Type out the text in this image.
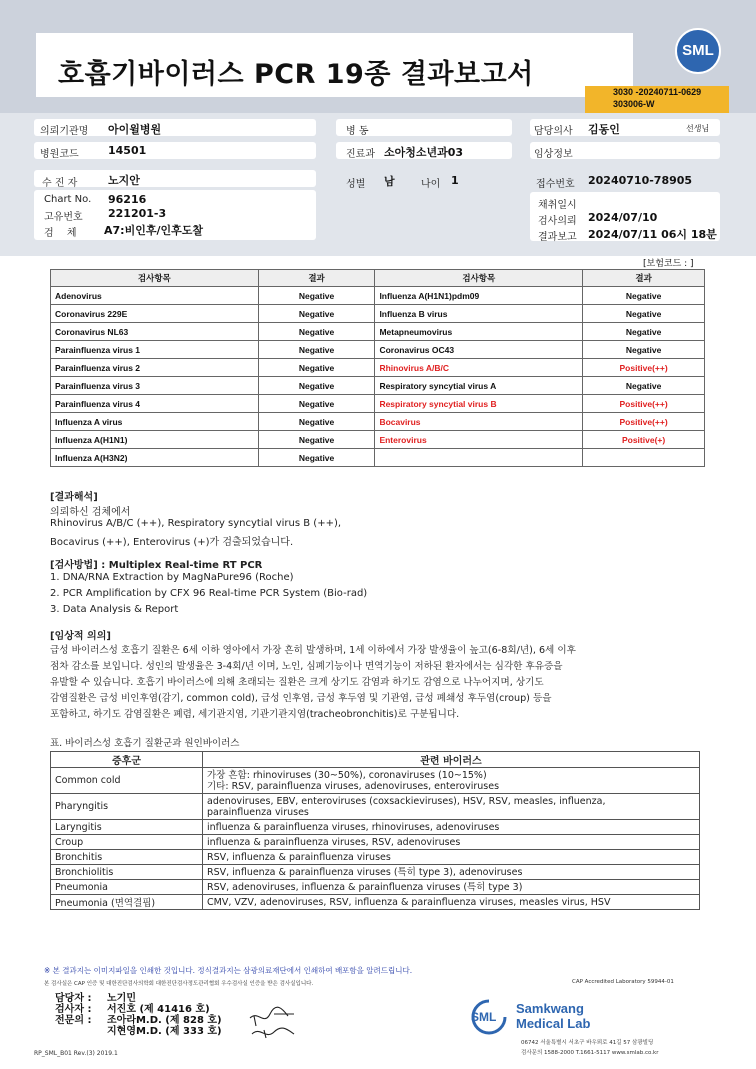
호흡기바이러스 PCR 19종 결과보고서
SML
3030 -20240711-0629
303006-W
의뢰기관명 아이윌병원	병 동	담당의사 김동인	선생님
병원코드	14501	진료과 소아청소년과03	임상정보
수 진 자	노지안	성별 남	나이 1	접수번호 20240710-78905
Chart No. 96216
고유번호 221201-3
검 체 A7:비인후/인후도찰
채취일시
검사의뢰 2024/07/10
결과보고 2024/07/11 06시 18분
[보험코드 : ]
검사항목	결과	검사항목	결과
Adenovirus	Negative	Influenza A(H1N1)pdm09	Negative
Coronavirus 229E	Negative	Influenza B virus	Negative
Coronavirus NL63	Negative	Metapneumovirus	Negative
Parainfluenza virus 1	Negative	Coronavirus OC43	Negative
Parainfluenza virus 2	Negative	Rhinovirus A/B/C	Positive(++)
Parainfluenza virus 3	Negative	Respiratory syncytial virus A	Negative
Parainfluenza virus 4	Negative	Respiratory syncytial virus B	Positive(++)
Influenza A virus	Negative	Bocavirus	Positive(++)
Influenza A(H1N1)	Negative	Enterovirus	Positive(+)
Influenza A(H3N2)	Negative		
[결과해석]
의뢰하신 검체에서
Rhinovirus A/B/C (++), Respiratory syncytial virus B (++),
Bocavirus (++), Enterovirus (+)가 검출되었습니다.
[검사방법] : Multiplex Real-time RT PCR
1. DNA/RNA Extraction by MagNaPure96 (Roche)
2. PCR Amplification by CFX 96 Real-time PCR System (Bio-rad)
3. Data Analysis & Report
[임상적 의의]
급성 바이러스성 호흡기 질환은 6세 이하 영아에서 가장 흔히 발생하며, 1세 이하에서 가장 발생율이 높고(6-8회/년), 6세 이후
점차 감소를 보입니다. 성인의 발생율은 3-4회/년 이며, 노인, 심폐기능이나 면역기능이 저하된 환자에서는 심각한 후유증을
유발할 수 있습니다. 호흡기 바이러스에 의해 초래되는 질환은 크게 상기도 감염과 하기도 감염으로 나누어지며, 상기도
감염질환은 급성 비인후염(감기, common cold), 급성 인후염, 급성 후두염 및 기관염, 급성 폐쇄성 후두염(croup) 등을
포함하고, 하기도 감염질환은 폐렴, 세기관지염, 기관기관지염(tracheobronchitis)로 구분됩니다.
표. 바이러스성 호흡기 질환군과 원인바이러스
증후군	관련 바이러스
Common cold	가장 흔함: rhinoviruses (30~50%), coronaviruses (10~15%)
기타: RSV, parainfluenza viruses, adenoviruses, enteroviruses
Pharyngitis	adenoviruses, EBV, enteroviruses (coxsackieviruses), HSV, RSV, measles, influenza,
parainfluenza viruses
Laryngitis	influenza & parainfluenza viruses, rhinoviruses, adenoviruses
Croup	influenza & parainfluenza viruses, RSV, adenoviruses
Bronchitis	RSV, influenza & parainfluenza viruses
Bronchiolitis	RSV, influenza & parainfluenza viruses (특히 type 3), adenoviruses
Pneumonia	RSV, adenoviruses, influenza & parainfluenza viruses (특히 type 3)
Pneumonia (면역결핍)	CMV, VZV, adenoviruses, RSV, influenza & parainfluenza viruses, measles virus, HSV
※ 본 결과지는 이미지파일을 인쇄한 것입니다. 정식결과지는 삼광의료재단에서 인쇄하여 배포함을 알려드립니다.
본 검사실은 CAP 인증 및 대한진단검사의학회 대한진단검사정도관리협회 우수검사실 인증을 받은 검사실입니다.	CAP Accredited Laboratory 59944-01
담당자 : 노기민
검사자 : 서진호 (제 41416 호)
전문의 : 조아라M.D. (제 828 호)
지현영M.D. (제 333 호)
RP_SML_B01 Rev.(3) 2019.1
SML
Samkwang
Medical Lab
06742 서울특별시 서초구 바우뫼로 41길 57 삼광빌딩
검사문의 1588-2000 T.1661-5117 www.smlab.co.kr
